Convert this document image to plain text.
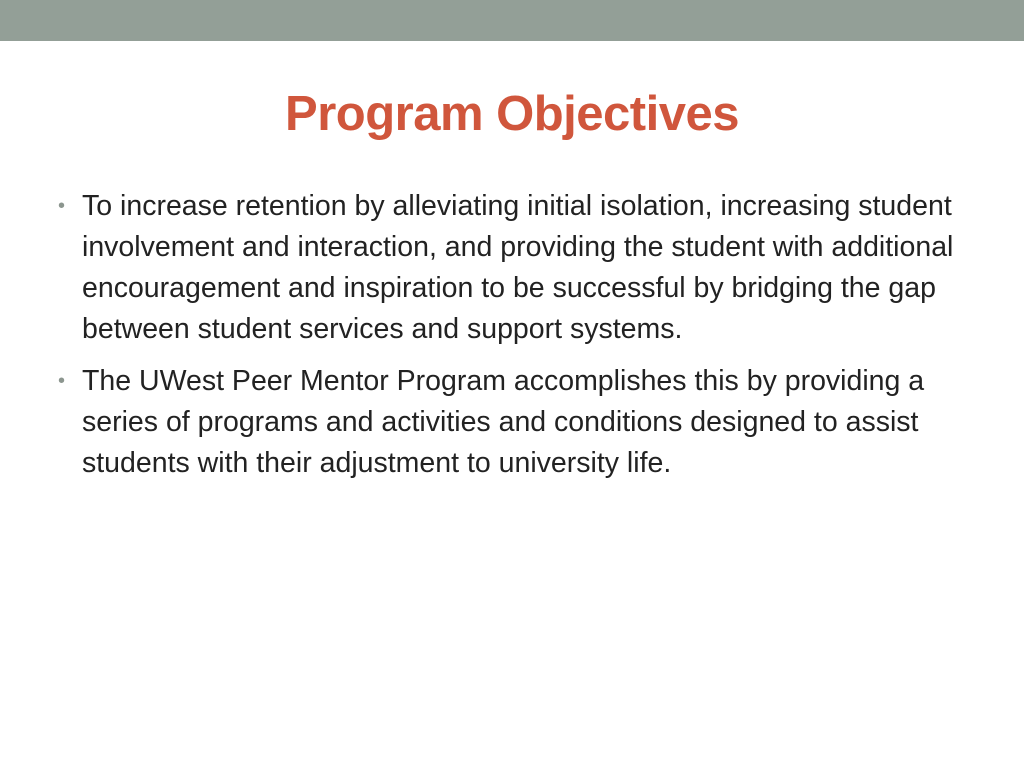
Program Objectives
• To increase retention by alleviating initial isolation, increasing student involvement and interaction, and providing the student with additional encouragement and inspiration to be successful by bridging the gap between student services and support systems.
• The UWest Peer Mentor Program accomplishes this by providing a series of programs and activities and conditions designed to assist students with their adjustment to university life.
